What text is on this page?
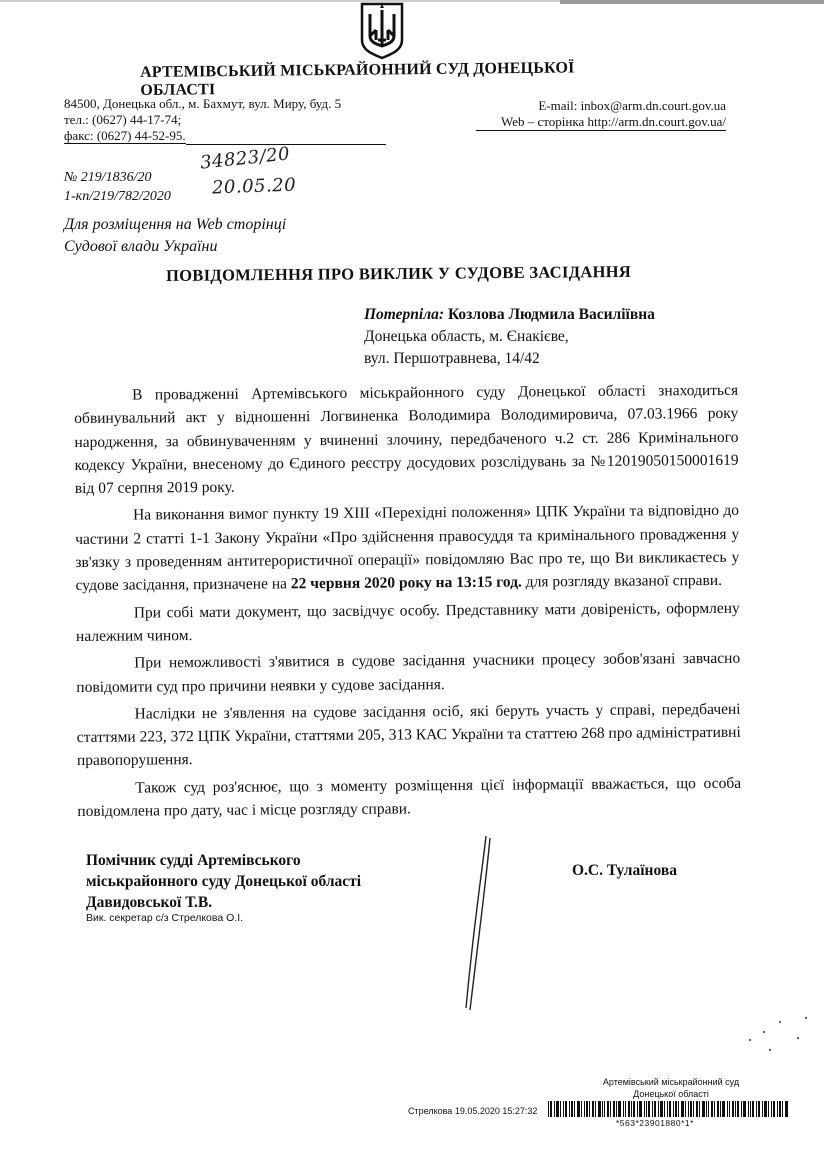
АРТЕМІВСЬКИЙ МІСЬКРАЙОННИЙ СУД ДОНЕЦЬКОЇ ОБЛАСТІ
84500, Донецька обл., м. Бахмут, вул. Миру, буд. 5
тел.: (0627) 44-17-74;
факс: (0627) 44-52-95.
E-mail: inbox@arm.dn.court.gov.ua
Web – сторінка http://arm.dn.court.gov.ua/
№ 219/1836/20
1-кп/219/782/2020
34823/20
20.05.20
Для розміщення на Web сторінці
Судової влади України
ПОВІДОМЛЕННЯ ПРО ВИКЛИК У СУДОВЕ ЗАСІДАННЯ
Потерпіла: Козлова Людмила Василіївна
Донецька область, м. Єнакієве,
вул. Першотравнева, 14/42

В провадженні Артемівського міськрайонного суду Донецької області знаходиться обвинувальний акт у відношенні Логвиненка Володимира Володимировича, 07.03.1966 року народження, за обвинуваченням у вчиненні злочину, передбаченого ч.2 ст. 286 Кримінального кодексу України, внесеному до Єдиного реєстру досудових розслідувань за №12019050150001619 від 07 серпня 2019 року.

На виконання вимог пункту 19 ХІІІ «Перехідні положення» ЦПК України та відповідно до частини 2 статті 1-1 Закону України «Про здійснення правосуддя та кримінального провадження у зв'язку з проведенням антитерористичної операції» повідомляю Вас про те, що Ви викликаєтесь у судове засідання, призначене на 22 червня 2020 року на 13:15 год. для розгляду вказаної справи.

При собі мати документ, що засвідчує особу. Представнику мати довіреність, оформлену належним чином.

При неможливості з'явитися в судове засідання учасники процесу зобов'язані завчасно повідомити суд про причини неявки у судове засідання.

Наслідки не з'явлення на судове засідання осіб, які беруть участь у справі, передбачені статтями 223, 372 ЦПК України, статтями 205, 313 КАС України та статтею 268 про адміністративні правопорушення.

Також суд роз'яснює, що з моменту розміщення цієї інформації вважається, що особа повідомлена про дату, час і місце розгляду справи.

Помічник судді Артемівського
міськрайонного суду Донецької області
Давидовської Т.В.
Вик. секретар с/з Стрелкова О.І.
О.С. Тулаїнова
Артемівський міськрайонний суд
Донецької області
Стрелкова 19.05.2020 15:27:32
*563*23901880*1*
